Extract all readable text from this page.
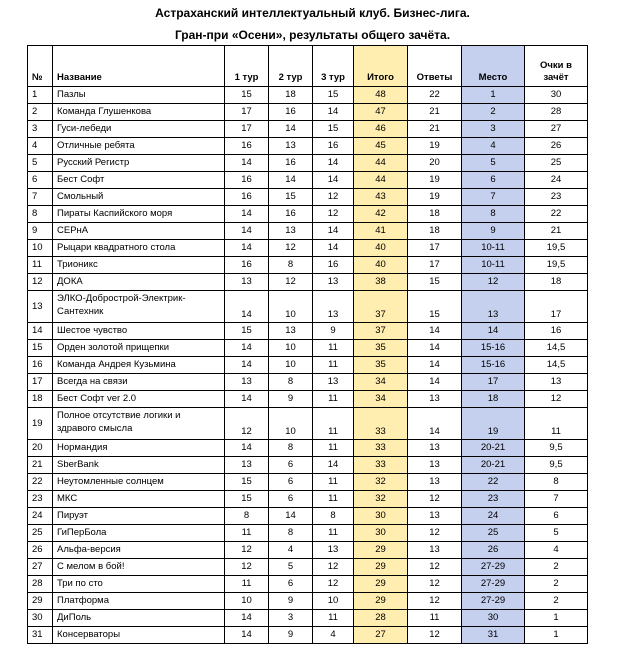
Астраханский интеллектуальный клуб. Бизнес-лига.
Гран-при «Осени», результаты общего зачёта.
№	Название	1 тур	2 тур	3 тур	Итого	Ответы	Место	Очки в зачёт
1	Пазлы	15	18	15	48	22	1	30
2	Команда Глушенкова	17	16	14	47	21	2	28
3	Гуси-лебеди	17	14	15	46	21	3	27
4	Отличные ребята	16	13	16	45	19	4	26
5	Русский Регистр	14	16	14	44	20	5	25
6	Бест Софт	16	14	14	44	19	6	24
7	Смольный	16	15	12	43	19	7	23
8	Пираты Каспийского моря	14	16	12	42	18	8	22
9	СЕРнА	14	13	14	41	18	9	21
10	Рыцари квадратного стола	14	12	14	40	17	10-11	19,5
11	Трионикс	16	8	16	40	17	10-11	19,5
12	ДОКА	13	12	13	38	15	12	18
13	ЭЛКО-Добрострой-Электрик-Сантехник	14	10	13	37	15	13	17
14	Шестое чувство	15	13	9	37	14	14	16
15	Орден золотой прищепки	14	10	11	35	14	15-16	14,5
16	Команда Андрея Кузьмина	14	10	11	35	14	15-16	14,5
17	Всегда на связи	13	8	13	34	14	17	13
18	Бест Софт ver 2.0	14	9	11	34	13	18	12
19	Полное отсутствие логики и здравого смысла	12	10	11	33	14	19	11
20	Нормандия	14	8	11	33	13	20-21	9,5
21	SberBank	13	6	14	33	13	20-21	9,5
22	Неутомленные солнцем	15	6	11	32	13	22	8
23	МКС	15	6	11	32	12	23	7
24	Пируэт	8	14	8	30	13	24	6
25	ГиПерБола	11	8	11	30	12	25	5
26	Альфа-версия	12	4	13	29	13	26	4
27	С мелом в бой!	12	5	12	29	12	27-29	2
28	Три по сто	11	6	12	29	12	27-29	2
29	Платформа	10	9	10	29	12	27-29	2
30	ДиПоль	14	3	11	28	11	30	1
31	Консерваторы	14	9	4	27	12	31	1
